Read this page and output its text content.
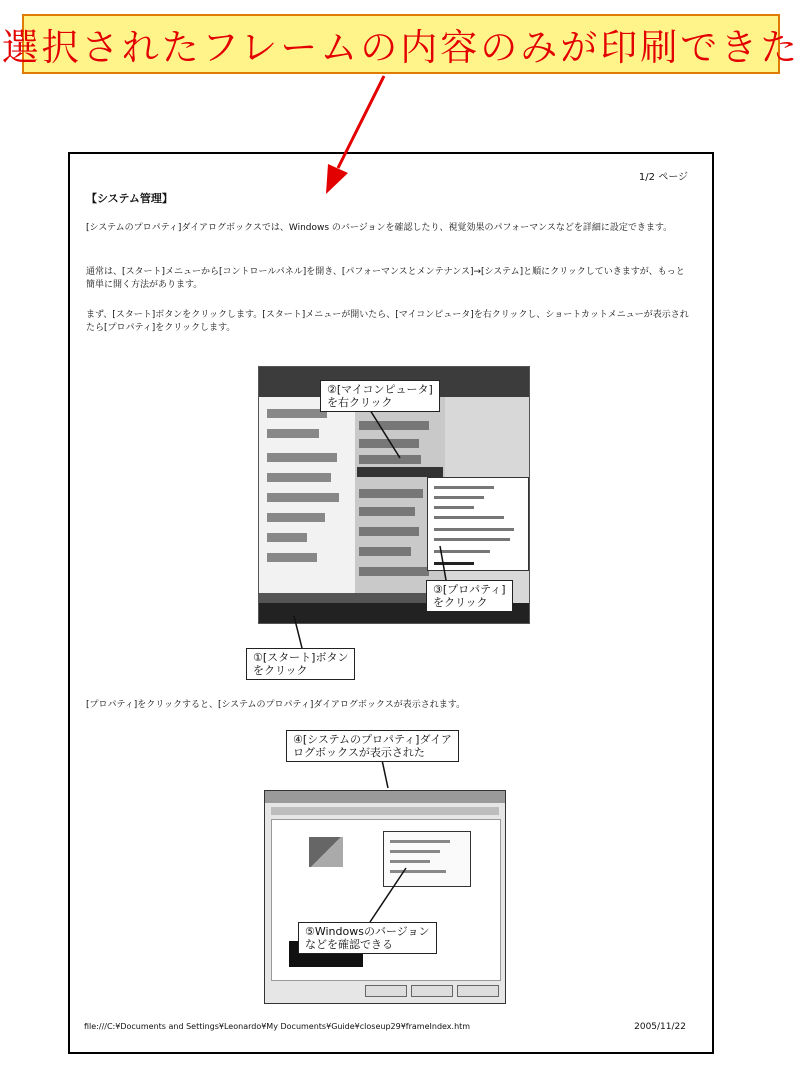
選択されたフレームの内容のみが印刷できた
1/2 ページ
【システム管理】
[システムのプロパティ]ダイアログボックスでは、Windows のバージョンを確認したり、視覚効果のパフォーマンスなどを詳細に設定できます。
通常は、[スタート]メニューから[コントロールパネル]を開き、[パフォーマンスとメンテナンス]→[システム]と順にクリックしていきますが、もっと簡単に開く方法があります。
まず、[スタート]ボタンをクリックします。[スタート]メニューが開いたら、[マイコンピュータ]を右クリックし、ショートカットメニューが表示されたら[プロパティ]をクリックします。
②[マイコンピュータ]
を右クリック
③[プロパティ]
をクリック
①[スタート]ボタン
をクリック
[プロパティ]をクリックすると、[システムのプロパティ]ダイアログボックスが表示されます。
④[システムのプロパティ]ダイア
ログボックスが表示された
⑤Windowsのバージョン
などを確認できる
file:///C:¥Documents and Settings¥Leonardo¥My Documents¥Guide¥closeup29¥frameIndex.htm	2005/11/22
